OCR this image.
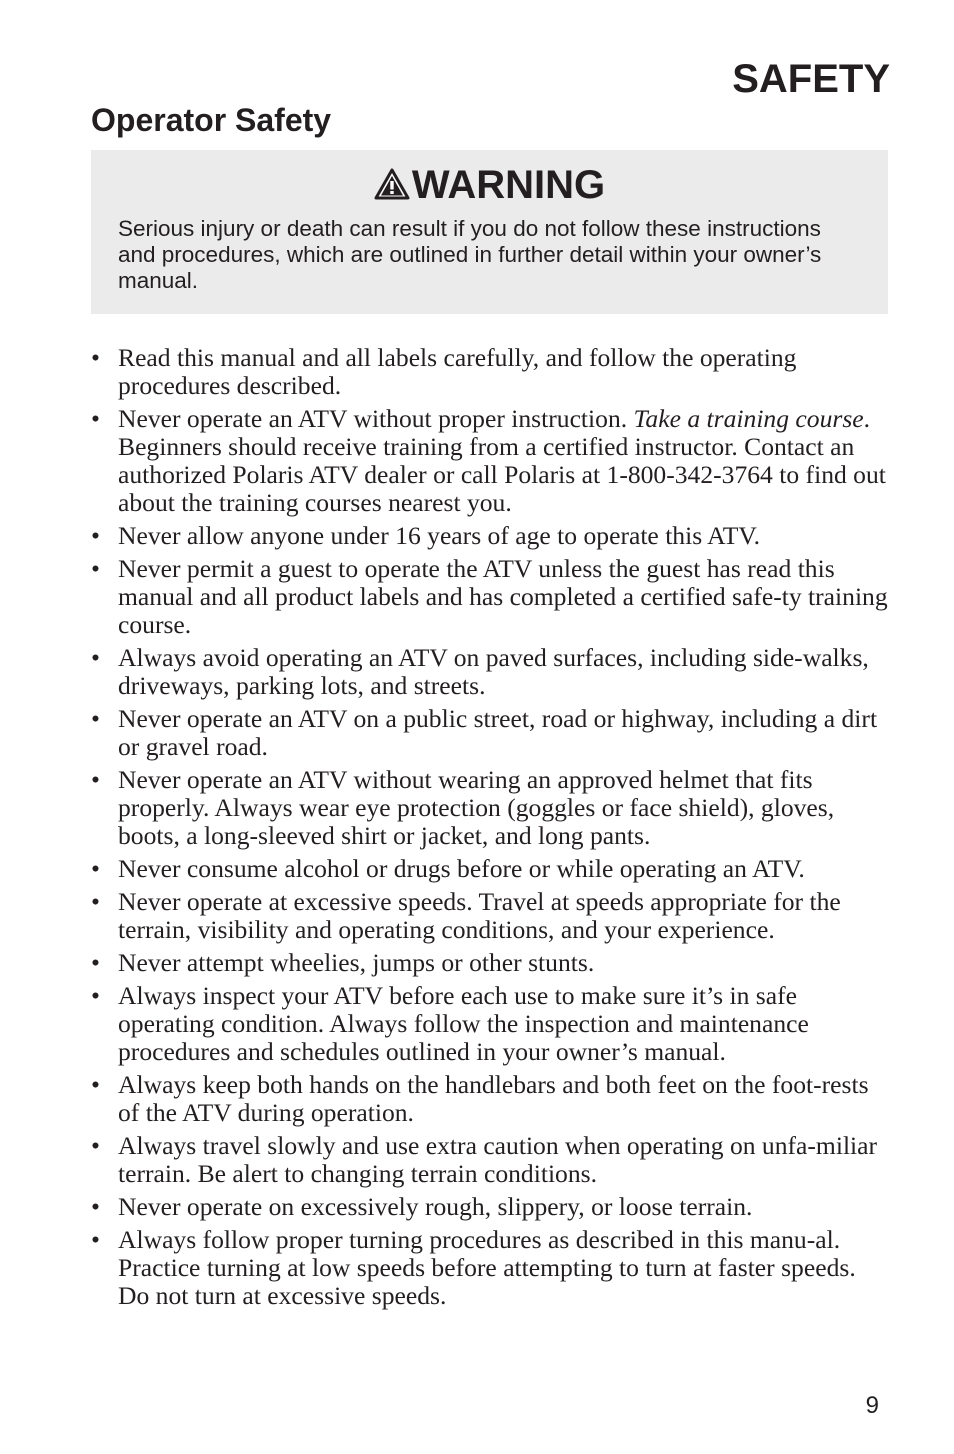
SAFETY
Operator Safety
WARNING

Serious injury or death can result if you do not follow these instructions and procedures, which are outlined in further detail within your owner’s manual.

• Read this manual and all labels carefully, and follow the operating procedures described.
• Never operate an ATV without proper instruction. Take a training course. Beginners should receive training from a certified instructor. Contact an authorized Polaris ATV dealer or call Polaris at 1-800-342-3764 to find out about the training courses nearest you.
• Never allow anyone under 16 years of age to operate this ATV.
• Never permit a guest to operate the ATV unless the guest has read this manual and all product labels and has completed a certified safe-ty training course.
• Always avoid operating an ATV on paved surfaces, including side-walks, driveways, parking lots, and streets.
• Never operate an ATV on a public street, road or highway, including a dirt or gravel road.
• Never operate an ATV without wearing an approved helmet that fits properly. Always wear eye protection (goggles or face shield), gloves, boots, a long-sleeved shirt or jacket, and long pants.
• Never consume alcohol or drugs before or while operating an ATV.
• Never operate at excessive speeds. Travel at speeds appropriate for the terrain, visibility and operating conditions, and your experience.
• Never attempt wheelies, jumps or other stunts.
• Always inspect your ATV before each use to make sure it’s in safe operating condition. Always follow the inspection and maintenance procedures and schedules outlined in your owner’s manual.
• Always keep both hands on the handlebars and both feet on the foot-rests of the ATV during operation.
• Always travel slowly and use extra caution when operating on unfa-miliar terrain. Be alert to changing terrain conditions.
• Never operate on excessively rough, slippery, or loose terrain.
• Always follow proper turning procedures as described in this manu-al. Practice turning at low speeds before attempting to turn at faster speeds. Do not turn at excessive speeds.
9
